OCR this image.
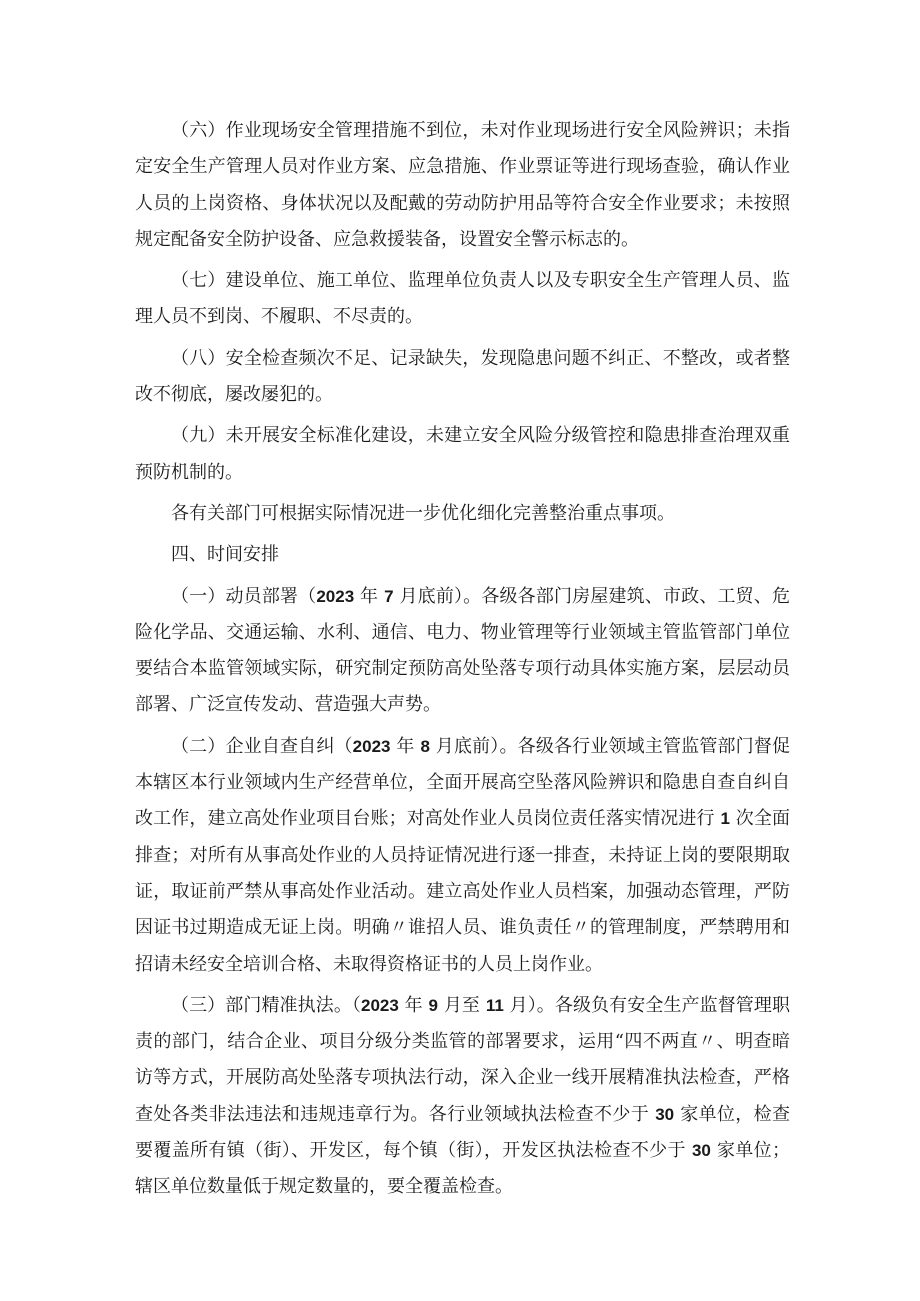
（六）作业现场安全管理措施不到位，未对作业现场进行安全风险辨识；未指定安全生产管理人员对作业方案、应急措施、作业票证等进行现场查验，确认作业人员的上岗资格、身体状况以及配戴的劳动防护用品等符合安全作业要求；未按照规定配备安全防护设备、应急救援装备，设置安全警示标志的。

（七）建设单位、施工单位、监理单位负责人以及专职安全生产管理人员、监理人员不到岗、不履职、不尽责的。

（八）安全检查频次不足、记录缺失，发现隐患问题不纠正、不整改，或者整改不彻底，屡改屡犯的。

（九）未开展安全标准化建设，未建立安全风险分级管控和隐患排查治理双重预防机制的。

各有关部门可根据实际情况进一步优化细化完善整治重点事项。

四、时间安排

（一）动员部署（2023 年 7 月底前）。各级各部门房屋建筑、市政、工贸、危险化学品、交通运输、水利、通信、电力、物业管理等行业领域主管监管部门单位要结合本监管领域实际，研究制定预防高处坠落专项行动具体实施方案，层层动员部署、广泛宣传发动、营造强大声势。

（二）企业自查自纠（2023 年 8 月底前）。各级各行业领域主管监管部门督促本辖区本行业领域内生产经营单位，全面开展高空坠落风险辨识和隐患自查自纠自改工作，建立高处作业项目台账；对高处作业人员岗位责任落实情况进行 1 次全面排查；对所有从事高处作业的人员持证情况进行逐一排查，未持证上岗的要限期取证，取证前严禁从事高处作业活动。建立高处作业人员档案，加强动态管理，严防因证书过期造成无证上岗。明确〃谁招人员、谁负责任〃的管理制度，严禁聘用和招请未经安全培训合格、未取得资格证书的人员上岗作业。

（三）部门精准执法。（2023 年 9 月至 11 月）。各级负有安全生产监督管理职责的部门，结合企业、项目分级分类监管的部署要求，运用“四不两直〃、明查暗访等方式，开展防高处坠落专项执法行动，深入企业一线开展精准执法检查，严格查处各类非法违法和违规违章行为。各行业领域执法检查不少于 30 家单位，检查要覆盖所有镇（街）、开发区，每个镇（街），开发区执法检查不少于 30 家单位；辖区单位数量低于规定数量的，要全覆盖检查。
